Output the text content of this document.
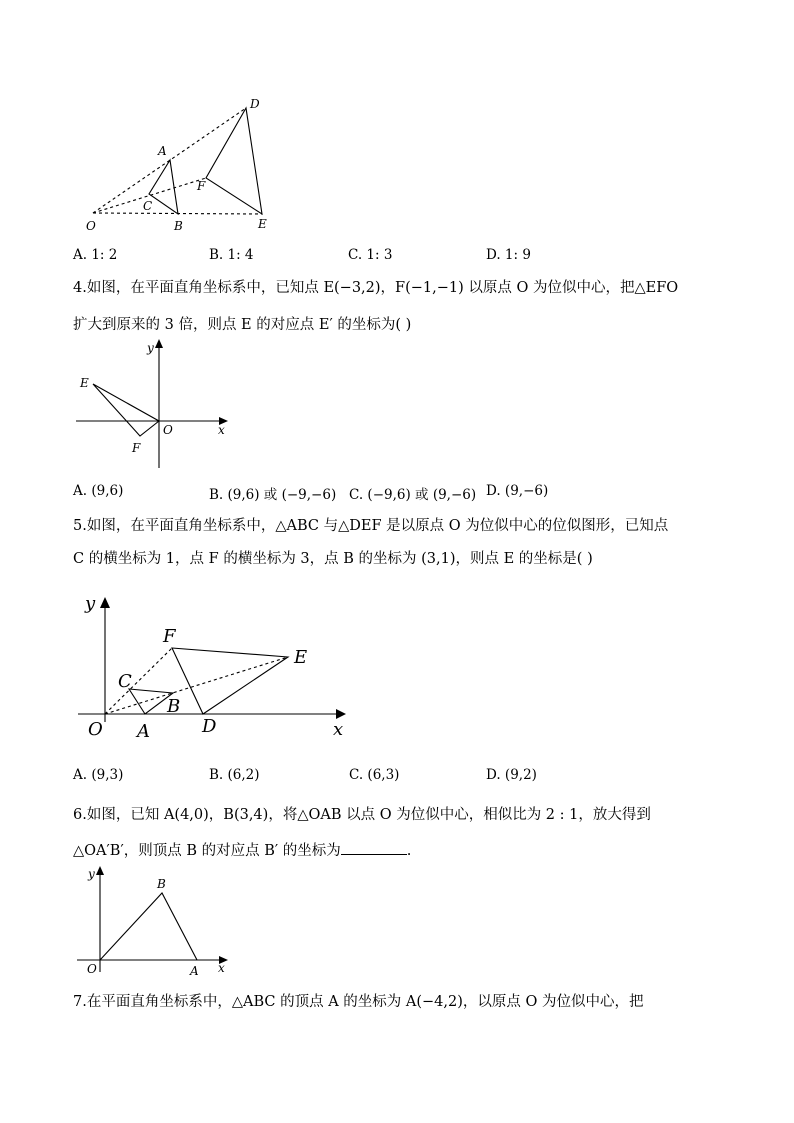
D
A
F
C
O	B	E
A. 1: 2	B. 1: 4	C. 1: 3	D. 1: 9
4.如图，在平面直角坐标系中，已知点 E(−3,2)，F(−1,−1) 以原点 O 为位似中心，把△EFO
扩大到原来的 3 倍，则点 E 的对应点 E′ 的坐标为( )
y
E
O	x
F
A. (9,6)	B. (9,6) 或 (−9,−6) C. (−9,6) 或 (9,−6) D. (9,−6)
5.如图，在平面直角坐标系中，△ABC 与△DEF 是以原点 O 为位似中心的位似图形，已知点
C 的横坐标为 1，点 F 的横坐标为 3，点 B 的坐标为 (3,1)，则点 E 的坐标是( )
y
F
E
C
B
O A	D	x
A. (9,3)	B. (6,2)	C. (6,3)	D. (9,2)
6.如图，已知 A(4,0)，B(3,4)，将△OAB 以点 O 为位似中心，相似比为 2 : 1，放大得到
△OA′B′，则顶点 B 的对应点 B′ 的坐标为	.
y
B
O	A x
7.在平面直角坐标系中，△ABC 的顶点 A 的坐标为 A(−4,2)，以原点 O 为位似中心，把
